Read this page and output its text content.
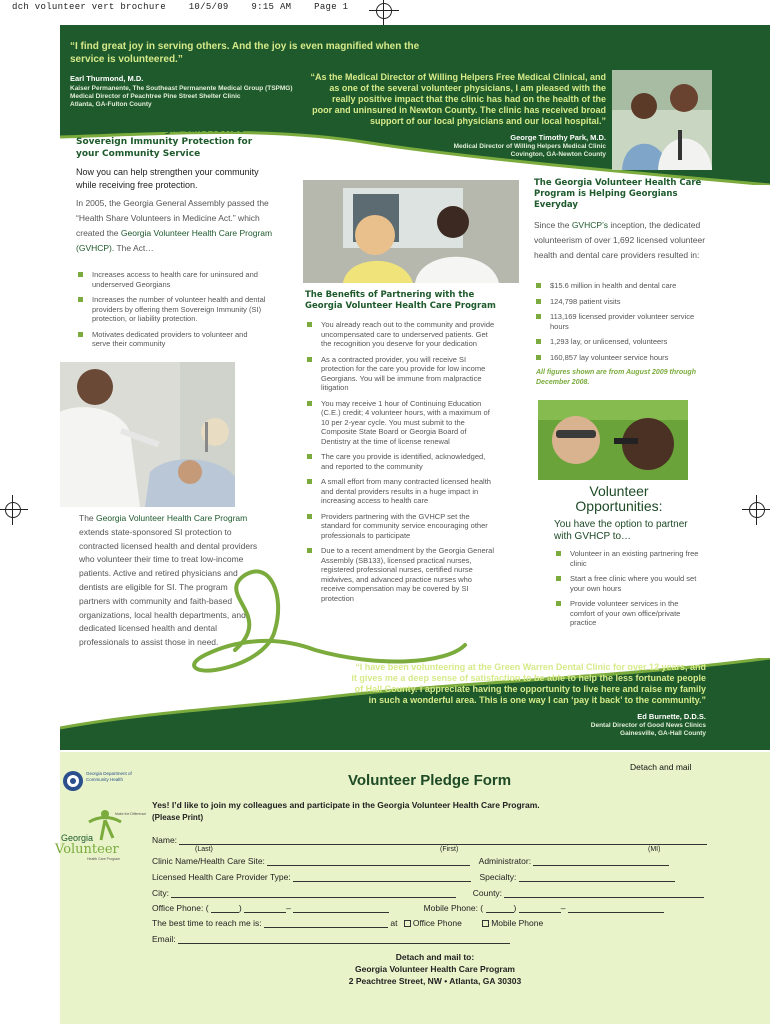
dch volunteer vert brochure    10/5/09    9:15 AM    Page 1
“I find great joy in serving others. And the joy is even magnified when the service is volunteered.”
Earl Thurmond, M.D.
Kaiser Permanente, The Southeast Permanente Medical Group (TSPMG)
Medical Director of Peachtree Pine Street Shelter Clinic
Atlanta, GA-Fulton County
“As the Medical Director of Willing Helpers Free Medical Clinical, and as one of the several volunteer physicians, I am pleased with the really positive impact that the clinic has had on the health of the poor and uninsured in Newton County. The clinic has received broad support of our local physicians and our local hospital.”
George Timothy Park, M.D.
Medical Director of Willing Helpers Medical Clinic
Covington, GA-Newton County
The state of Georgia Can Provide Sovereign Immunity Protection for your Community Service
Now you can help strengthen your community while receiving free protection.
In 2005, the Georgia General Assembly passed the “Health Share Volunteers in Medicine Act.” which created the Georgia Volunteer Health Care Program (GVHCP). The Act…
Increases access to health care for uninsured and underserved Georgians
Increases the number of volunteer health and dental providers by offering them Sovereign Immunity (SI) protection, or liability protection.
Motivates dedicated providers to volunteer and serve their community
The Georgia Volunteer Health Care Program extends state-sponsored SI protection to contracted licensed health and dental providers who volunteer their time to treat low-income patients. Active and retired physicians and dentists are eligible for SI. The program partners with community and faith-based organizations, local health departments, and dedicated licensed health and dental professionals to assist those in need.
The Benefits of Partnering with the Georgia Volunteer Health Care Program
You already reach out to the community and provide uncompensated care to underserved patients. Get the recognition you deserve for your dedication
As a contracted provider, you will receive SI protection for the care you provide for low income Georgians. You will be immune from malpractice litigation
You may receive 1 hour of Continuing Education (C.E.) credit; 4 volunteer hours, with a maximum of 10 per 2-year cycle. You must submit to the Composite State Board or Georgia Board of Dentistry at the time of license renewal
The care you provide is identified, acknowledged, and reported to the community
A small effort from many contracted licensed health and dental providers results in a huge impact in increasing access to health care
Providers partnering with the GVHCP set the standard for community service encouraging other professionals to participate
Due to a recent amendment by the Georgia General Assembly (SB133), licensed practical nurses, registered professional nurses, certified nurse midwives, and advanced practice nurses who receive compensation may be covered by SI protection
The Georgia Volunteer Health Care Program is Helping Georgians Everyday
Since the GVHCP’s inception, the dedicated volunteerism of over 1,692 licensed volunteer health and dental care providers resulted in:
$15.6 million in health and dental care
124,798 patient visits
113,169 licensed provider volunteer service hours
1,293 lay, or unlicensed, volunteers
160,857 lay volunteer service hours
All figures shown are from August 2009 through December 2008.
Volunteer Opportunities:
You have the option to partner with GVHCP to…
Volunteer in an existing partnering free clinic
Start a free clinic where you would set your own hours
Provide volunteer services in the comfort of your own office/private practice
“I have been volunteering at the Green Warren Dental Clinic for over 12 years, and it gives me a deep sense of satisfaction to be able to help the less fortunate people of Hall County. I appreciate having the opportunity to live here and raise my family in such a wonderful area. This is one way I can ‘pay it back’ to the community.”
Ed Burnette, D.D.S.
Dental Director of Good News Clinics
Gainesville, GA-Hall County
Detach and mail
Georgia Department of Community Health
Make the Difference
Georgia
Volunteer
Health Care Program
Volunteer Pledge Form
Yes! I’d like to join my colleagues and participate in the Georgia Volunteer Health Care Program.
(Please Print)
Name:
(Last)	(First)	(MI)
Clinic Name/Health Care Site:	Administrator:
Licensed Health Care Provider Type:	Specialty:
City:	County:
Office Phone: (	)	–	Mobile Phone: (	)	–
The best time to reach me is:	at Office Phone	Mobile Phone
Email:
Detach and mail to:
Georgia Volunteer Health Care Program
2 Peachtree Street, NW • Atlanta, GA 30303
